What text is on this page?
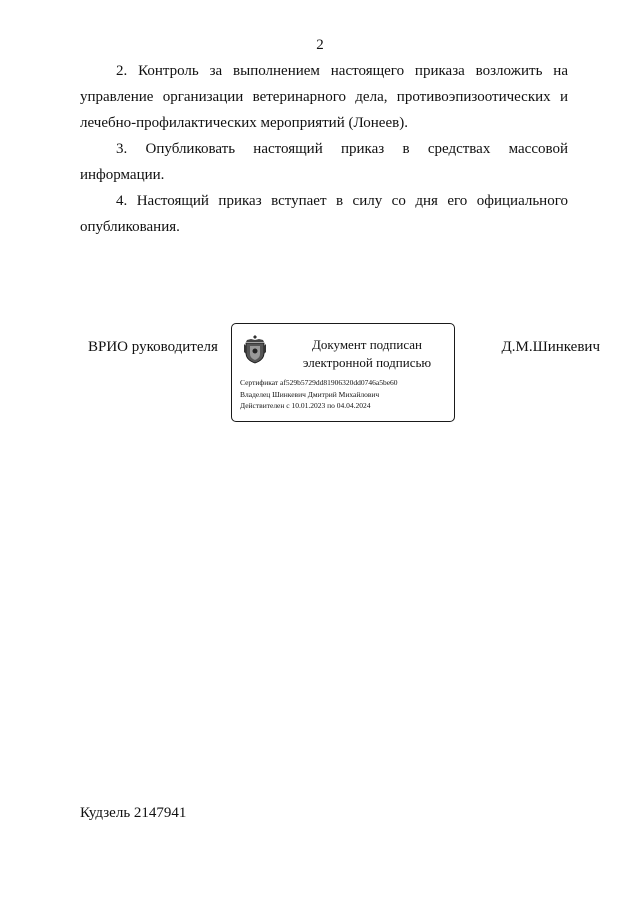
2
2. Контроль за выполнением настоящего приказа возложить на
управление организации ветеринарного дела, противоэпизоотических и
лечебно-профилактических мероприятий (Лонеев).
3. Опубликовать настоящий приказ в средствах массовой
информации.
4. Настоящий приказ вступает в силу со дня его официального
опубликования.
ВРИО руководителя	Документ подписан
электронной подписью
Сертификат af529b5729dd81906320dd0746a5be60
Владелец Шинкевич Дмитрий Михайлович
Действителен с 10.01.2023 по 04.04.2024
Д.М.Шинкевич
Кудзель 2147941
